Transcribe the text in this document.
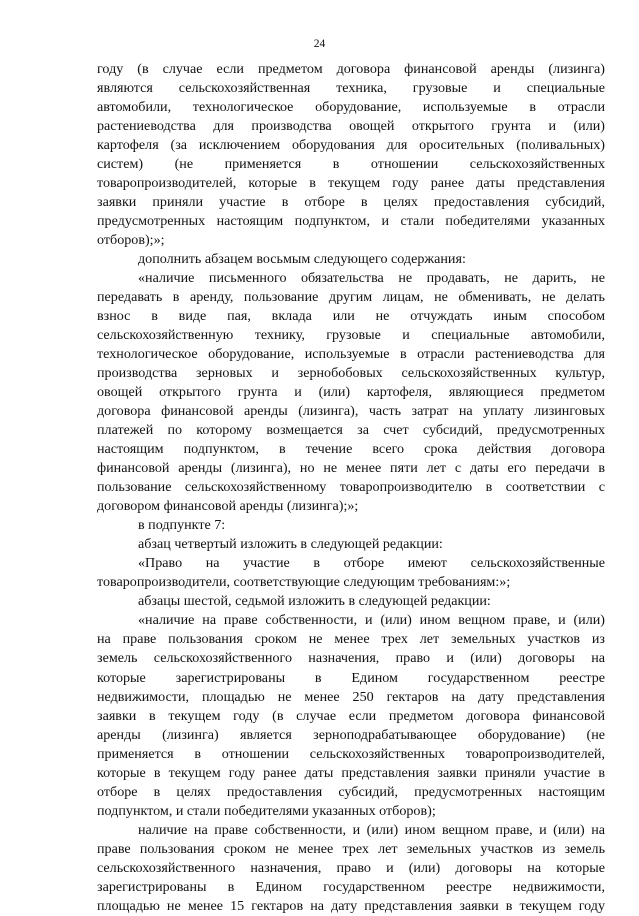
24
году (в случае если предметом договора финансовой аренды (лизинга)
являются сельскохозяйственная техника, грузовые и специальные
автомобили, технологическое оборудование, используемые в отрасли
растениеводства для производства овощей открытого грунта и (или)
картофеля (за исключением оборудования для оросительных (поливальных)
систем) (не применяется в отношении сельскохозяйственных
товаропроизводителей, которые в текущем году ранее даты представления
заявки приняли участие в отборе в целях предоставления субсидий,
предусмотренных настоящим подпунктом, и стали победителями указанных
отборов);»;
дополнить абзацем восьмым следующего содержания:
«наличие письменного обязательства не продавать, не дарить, не
передавать в аренду, пользование другим лицам, не обменивать, не делать
взнос в виде пая, вклада или не отчуждать иным способом
сельскохозяйственную технику, грузовые и специальные автомобили,
технологическое оборудование, используемые в отрасли растениеводства для
производства зерновых и зернобобовых сельскохозяйственных культур,
овощей открытого грунта и (или) картофеля, являющиеся предметом
договора финансовой аренды (лизинга), часть затрат на уплату лизинговых
платежей по которому возмещается за счет субсидий, предусмотренных
настоящим подпунктом, в течение всего срока действия договора
финансовой аренды (лизинга), но не менее пяти лет с даты его передачи в
пользование сельскохозяйственному товаропроизводителю в соответствии с
договором финансовой аренды (лизинга);»;
в подпункте 7:
абзац четвертый изложить в следующей редакции:
«Право на участие в отборе имеют сельскохозяйственные
товаропроизводители, соответствующие следующим требованиям:»;
абзацы шестой, седьмой изложить в следующей редакции:
«наличие на праве собственности, и (или) ином вещном праве, и (или)
на праве пользования сроком не менее трех лет земельных участков из
земель сельскохозяйственного назначения, право и (или) договоры на
которые зарегистрированы в Едином государственном реестре
недвижимости, площадью не менее 250 гектаров на дату представления
заявки в текущем году (в случае если предметом договора финансовой
аренды (лизинга) является зерноподрабатывающее оборудование) (не
применяется в отношении сельскохозяйственных товаропроизводителей,
которые в текущем году ранее даты представления заявки приняли участие в
отборе в целях предоставления субсидий, предусмотренных настоящим
подпунктом, и стали победителями указанных отборов);
наличие на праве собственности, и (или) ином вещном праве, и (или) на
праве пользования сроком не менее трех лет земельных участков из земель
сельскохозяйственного назначения, право и (или) договоры на которые
зарегистрированы в Едином государственном реестре недвижимости,
площадью не менее 15 гектаров на дату представления заявки в текущем году
